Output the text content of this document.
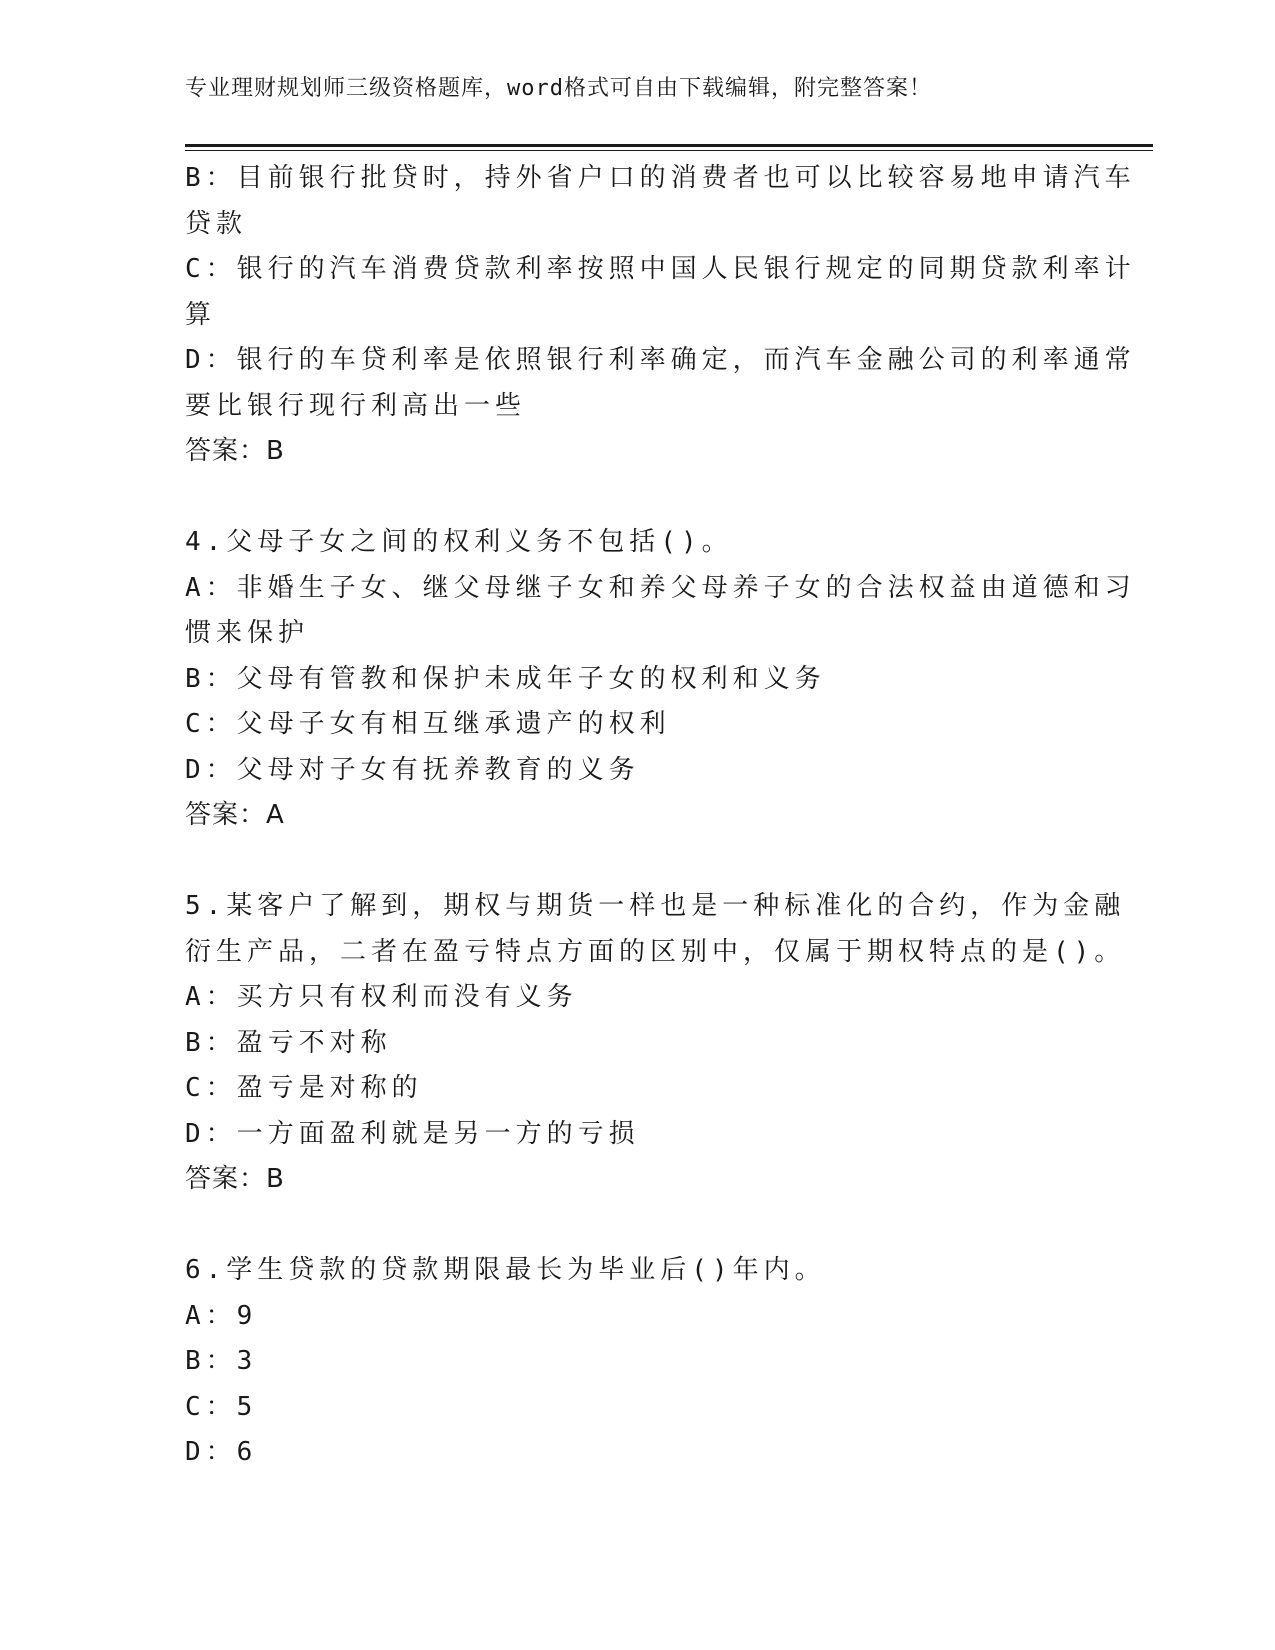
专业理财规划师三级资格题库，word格式可自由下载编辑，附完整答案！
B：目前银行批贷时，持外省户口的消费者也可以比较容易地申请汽车
贷款
C：银行的汽车消费贷款利率按照中国人民银行规定的同期贷款利率计
算
D：银行的车贷利率是依照银行利率确定，而汽车金融公司的利率通常
要比银行现行利高出一些
答案：B
4.父母子女之间的权利义务不包括()。
A：非婚生子女、继父母继子女和养父母养子女的合法权益由道德和习
惯来保护
B：父母有管教和保护未成年子女的权利和义务
C：父母子女有相互继承遗产的权利
D：父母对子女有抚养教育的义务
答案：A
5.某客户了解到，期权与期货一样也是一种标准化的合约，作为金融
衍生产品，二者在盈亏特点方面的区别中，仅属于期权特点的是()。
A：买方只有权利而没有义务
B：盈亏不对称
C：盈亏是对称的
D：一方面盈利就是另一方的亏损
答案：B
6.学生贷款的贷款期限最长为毕业后()年内。
A：9
B：3
C：5
D：6
